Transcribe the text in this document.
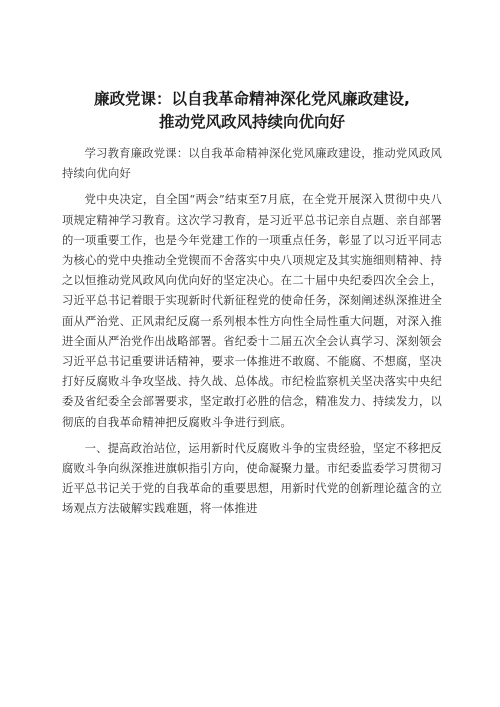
廉政党课：以自我革命精神深化党风廉政建设,
推动党风政风持续向优向好

学习教育廉政党课：以自我革命精神深化党风廉政建设，推动党风政风持续向优向好

党中央决定，自全国“两会”结束至7月底，在全党开展深入贯彻中央八项规定精神学习教育。这次学习教育，是习近平总书记亲自点题、亲自部署的一项重要工作，也是今年党建工作的一项重点任务，彰显了以习近平同志为核心的党中央推动全党锲而不舍落实中央八项规定及其实施细则精神、持之以恒推动党风政风向优向好的坚定决心。在二十届中央纪委四次全会上，习近平总书记着眼于实现新时代新征程党的使命任务，深刻阐述纵深推进全面从严治党、正风肃纪反腐一系列根本性方向性全局性重大问题，对深入推进全面从严治党作出战略部署。省纪委十二届五次全会认真学习、深刻领会习近平总书记重要讲话精神，要求一体推进不敢腐、不能腐、不想腐，坚决打好反腐败斗争攻坚战、持久战、总体战。市纪检监察机关坚决落实中央纪委及省纪委全会部署要求，坚定敢打必胜的信念，精准发力、持续发力，以彻底的自我革命精神把反腐败斗争进行到底。

一、提高政治站位，运用新时代反腐败斗争的宝贵经验，坚定不移把反腐败斗争向纵深推进旗帜指引方向，使命凝聚力量。市纪委监委学习贯彻习近平总书记关于党的自我革命的重要思想，用新时代党的创新理论蕴含的立场观点方法破解实践难题，将一体推进
